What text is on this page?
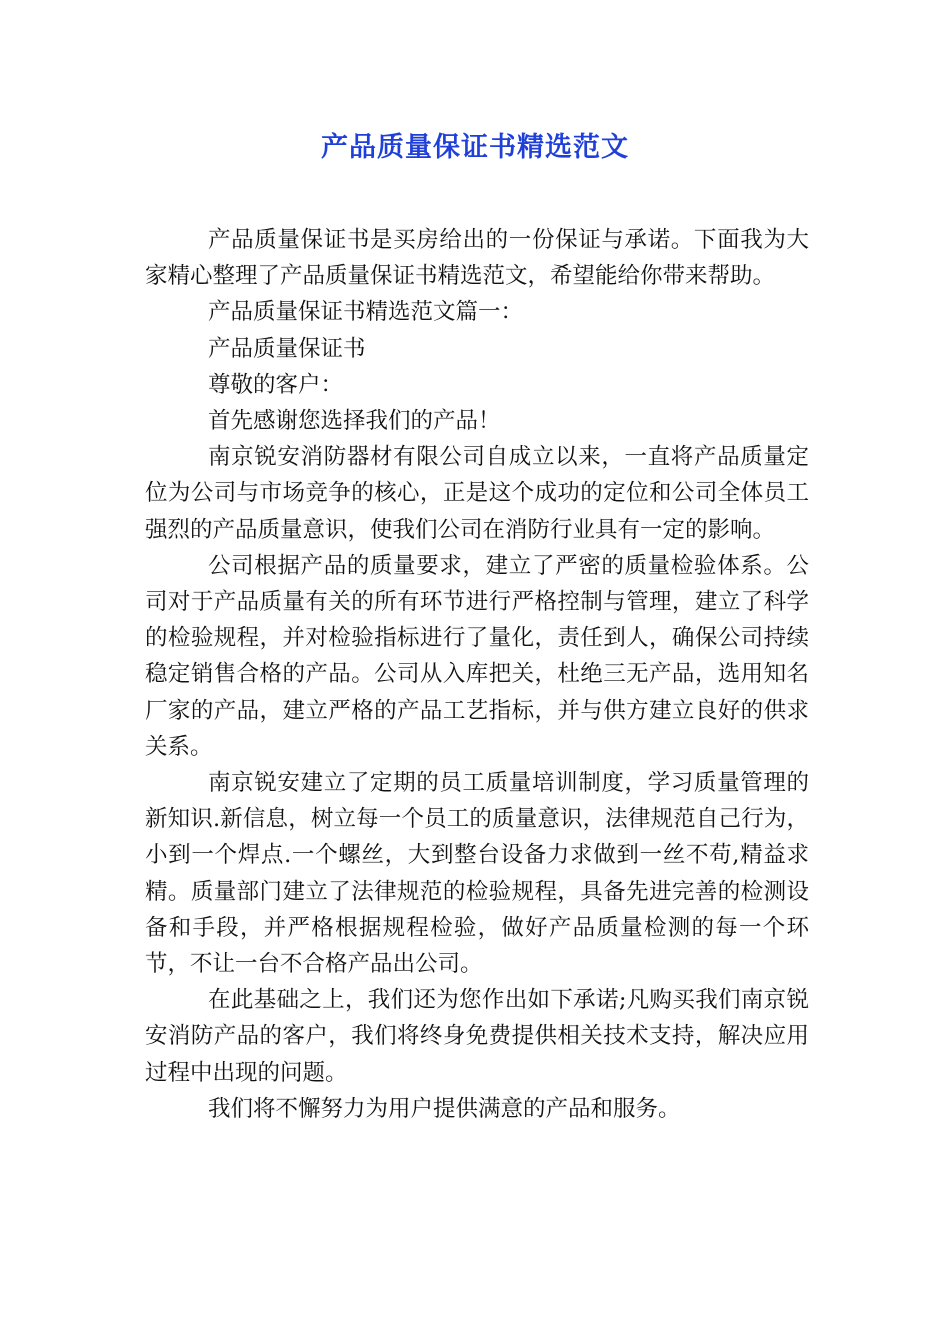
产品质量保证书精选范文

产品质量保证书是买房给出的一份保证与承诺。下面我为大家精心整理了产品质量保证书精选范文，希望能给你带来帮助。

产品质量保证书精选范文篇一：

产品质量保证书

尊敬的客户：

首先感谢您选择我们的产品！

南京锐安消防器材有限公司自成立以来，一直将产品质量定位为公司与市场竞争的核心，正是这个成功的定位和公司全体员工强烈的产品质量意识，使我们公司在消防行业具有一定的影响。

公司根据产品的质量要求，建立了严密的质量检验体系。公司对于产品质量有关的所有环节进行严格控制与管理，建立了科学的检验规程，并对检验指标进行了量化，责任到人，确保公司持续稳定销售合格的产品。公司从入库把关，杜绝三无产品，选用知名厂家的产品，建立严格的产品工艺指标，并与供方建立良好的供求关系。

南京锐安建立了定期的员工质量培训制度，学习质量管理的新知识.新信息，树立每一个员工的质量意识，法律规范自己行为，小到一个焊点.一个螺丝，大到整台设备力求做到一丝不苟,精益求精。质量部门建立了法律规范的检验规程，具备先进完善的检测设备和手段，并严格根据规程检验，做好产品质量检测的每一个环节，不让一台不合格产品出公司。

在此基础之上，我们还为您作出如下承诺;凡购买我们南京锐安消防产品的客户，我们将终身免费提供相关技术支持，解决应用过程中出现的问题。

我们将不懈努力为用户提供满意的产品和服务。
